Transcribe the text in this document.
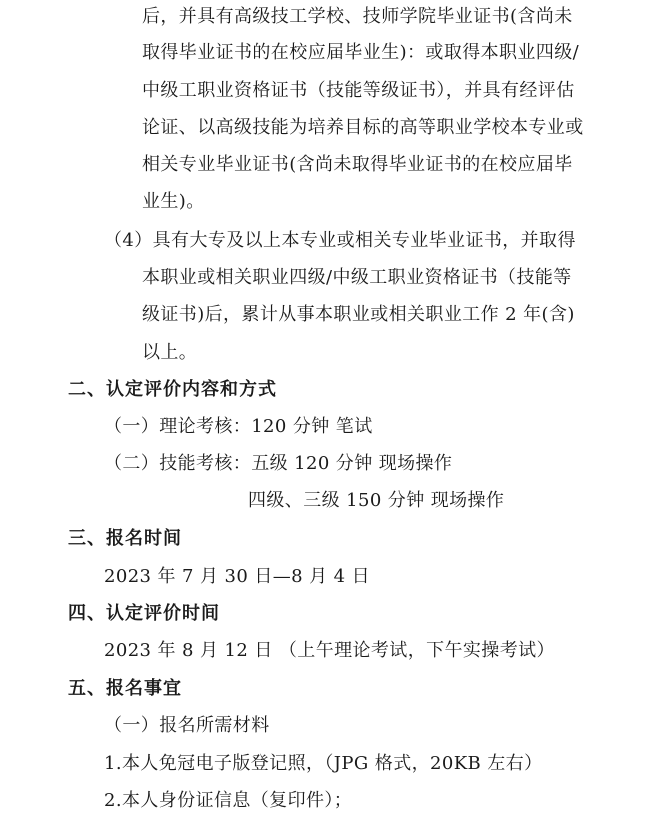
后，并具有高级技工学校、技师学院毕业证书(含尚未
取得毕业证书的在校应届毕业生)：或取得本职业四级/
中级工职业资格证书（技能等级证书），并具有经评估
论证、以高级技能为培养目标的高等职业学校本专业或
相关专业毕业证书(含尚未取得毕业证书的在校应届毕
业生)。
（4）具有大专及以上本专业或相关专业毕业证书，并取得
本职业或相关职业四级/中级工职业资格证书（技能等
级证书)后，累计从事本职业或相关职业工作 2 年(含)
以上。
二、认定评价内容和方式
（一）理论考核：120 分钟 笔试
（二）技能考核：五级 120 分钟 现场操作
四级、三级 150 分钟 现场操作
三、报名时间
2023 年 7 月 30 日—8 月 4 日
四、认定评价时间
2023 年 8 月 12 日 （上午理论考试，下午实操考试）
五、报名事宜
（一）报名所需材料
1.本人免冠电子版登记照，（JPG 格式，20KB 左右）
2.本人身份证信息（复印件）；
